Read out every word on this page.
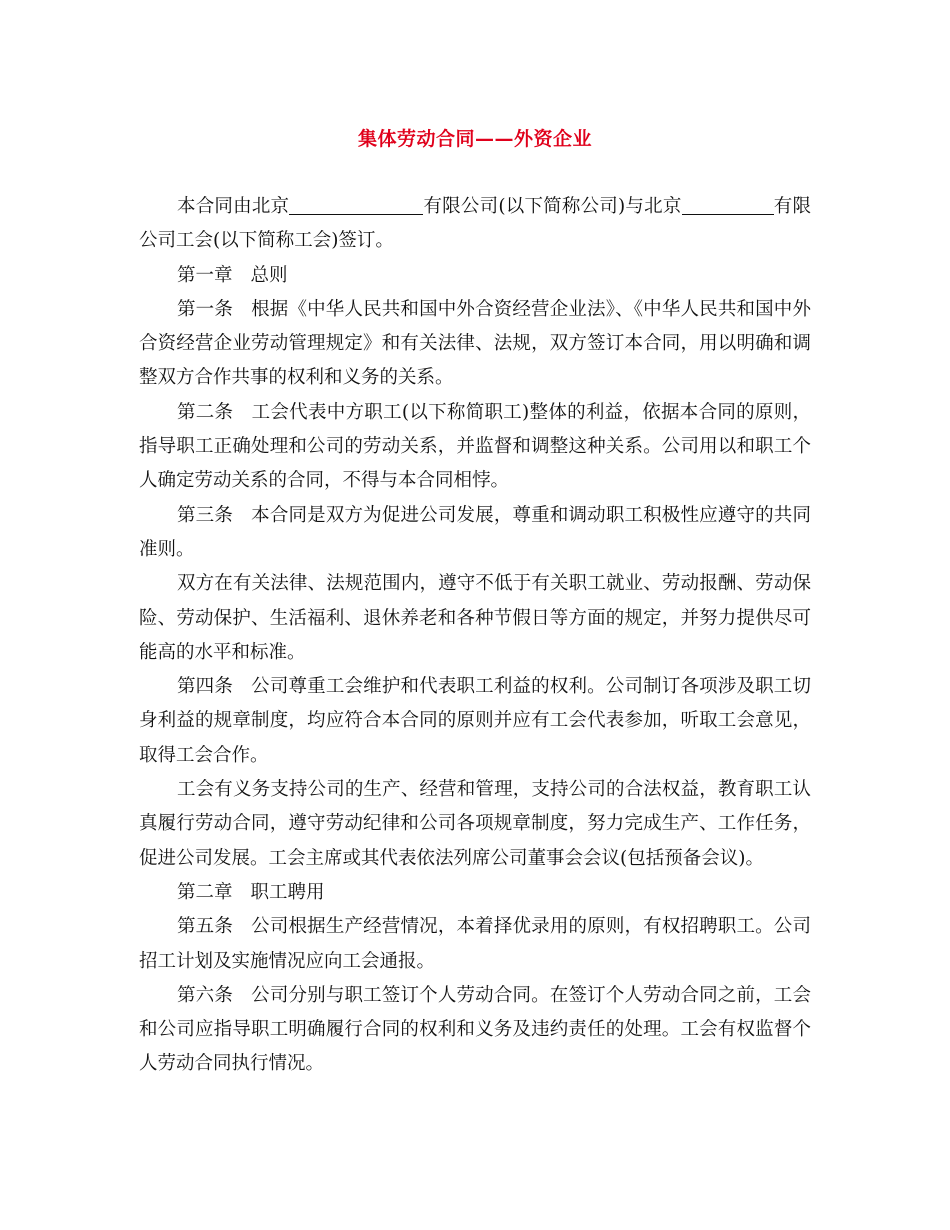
集体劳动合同——外资企业

本合同由北京	有限公司(以下简称公司)与北京	有限公司工会(以下简称工会)签订。

第一章 总则

第一条 根据《中华人民共和国中外合资经营企业法》、《中华人民共和国中外合资经营企业劳动管理规定》和有关法律、法规，双方签订本合同，用以明确和调整双方合作共事的权利和义务的关系。

第二条 工会代表中方职工(以下称简职工)整体的利益，依据本合同的原则，指导职工正确处理和公司的劳动关系，并监督和调整这种关系。公司用以和职工个人确定劳动关系的合同，不得与本合同相悖。

第三条 本合同是双方为促进公司发展，尊重和调动职工积极性应遵守的共同准则。

双方在有关法律、法规范围内，遵守不低于有关职工就业、劳动报酬、劳动保险、劳动保护、生活福利、退休养老和各种节假日等方面的规定，并努力提供尽可能高的水平和标准。

第四条 公司尊重工会维护和代表职工利益的权利。公司制订各项涉及职工切身利益的规章制度，均应符合本合同的原则并应有工会代表参加，听取工会意见，取得工会合作。

工会有义务支持公司的生产、经营和管理，支持公司的合法权益，教育职工认真履行劳动合同，遵守劳动纪律和公司各项规章制度，努力完成生产、工作任务，促进公司发展。工会主席或其代表依法列席公司董事会会议(包括预备会议)。

第二章 职工聘用

第五条 公司根据生产经营情况，本着择优录用的原则，有权招聘职工。公司招工计划及实施情况应向工会通报。

第六条 公司分别与职工签订个人劳动合同。在签订个人劳动合同之前，工会和公司应指导职工明确履行合同的权利和义务及违约责任的处理。工会有权监督个人劳动合同执行情况。
